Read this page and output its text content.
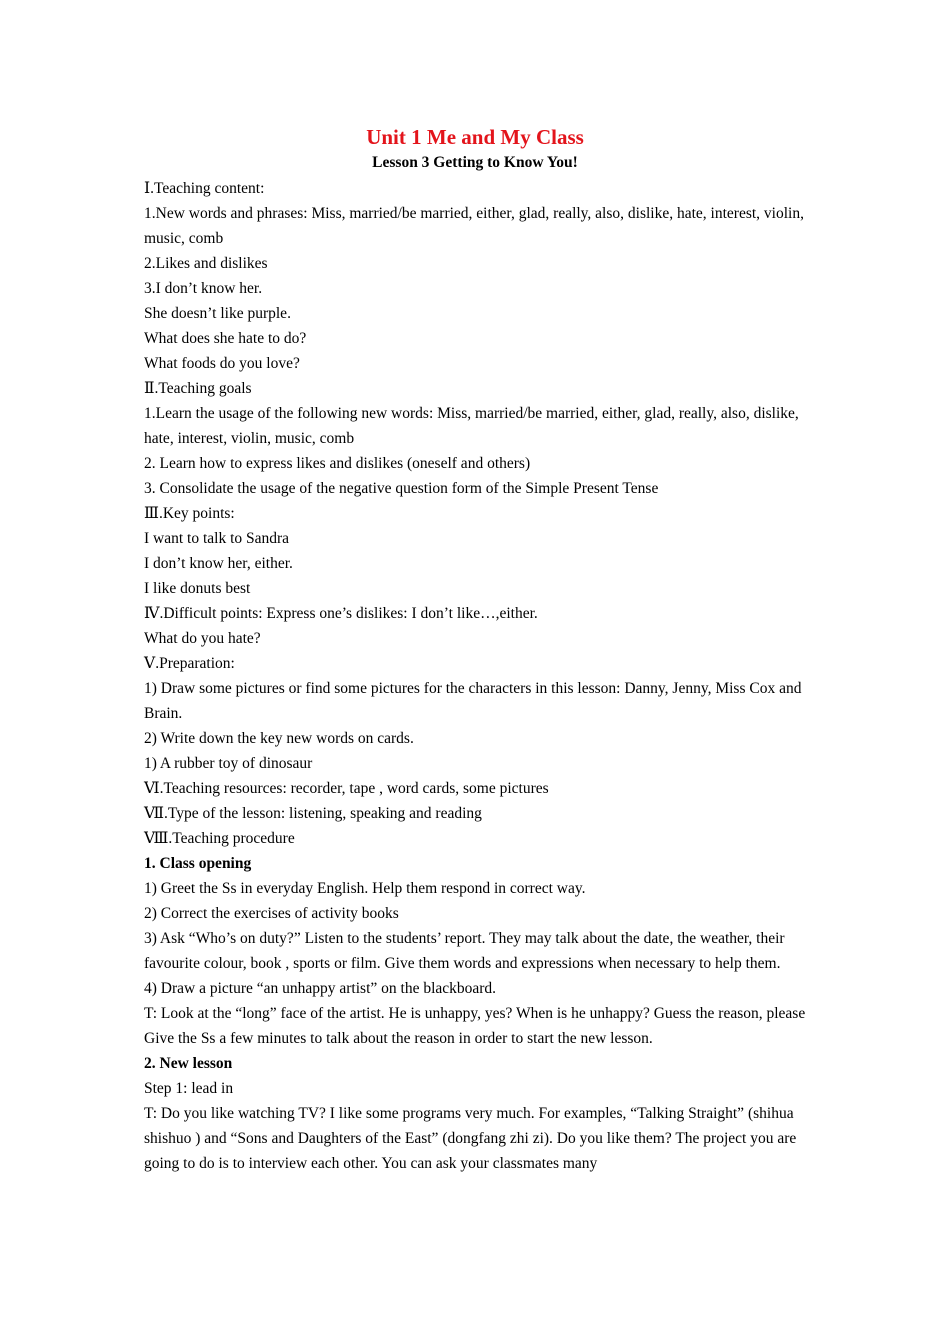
Unit 1 Me and My Class
Lesson 3 Getting to Know You!

Ⅰ.Teaching content:

1.New words and phrases: Miss, married/be married, either, glad, really, also, dislike, hate, interest, violin, music, comb

2.Likes and dislikes

3.I don’t know her.

She doesn’t like purple.

What does she hate to do?

What foods do you love?

Ⅱ.Teaching goals

1.Learn the usage of the following new words: Miss, married/be married, either, glad, really, also, dislike, hate, interest, violin, music, comb

2. Learn how to express likes and dislikes (oneself and others)

3. Consolidate the usage of the negative question form of the Simple Present Tense

Ⅲ.Key points:

I want to talk to Sandra

I don’t know her, either.

I like donuts best

Ⅳ.Difficult points: Express one’s dislikes: I don’t like…,either.

What do you hate?

Ⅴ.Preparation:

1) Draw some pictures or find some pictures for the characters in this lesson: Danny, Jenny, Miss Cox and Brain.

2) Write down the key new words on cards.

1) A rubber toy of dinosaur

Ⅵ.Teaching resources: recorder, tape , word cards, some pictures

Ⅶ.Type of the lesson: listening, speaking and reading

Ⅷ.Teaching procedure

1. Class opening

1) Greet the Ss in everyday English. Help them respond in correct way.

2) Correct the exercises of activity books

3) Ask “Who’s on duty?” Listen to the students’ report. They may talk about the date, the weather, their favourite colour, book , sports or film. Give them words and expressions when necessary to help them.

4) Draw a picture “an unhappy artist” on the blackboard.

T: Look at the “long” face of the artist. He is unhappy, yes? When is he unhappy? Guess the reason, please

Give the Ss a few minutes to talk about the reason in order to start the new lesson.

2. New lesson

Step 1: lead in

T: Do you like watching TV? I like some programs very much. For examples, “Talking Straight” (shihua shishuo ) and “Sons and Daughters of the East” (dongfang zhi zi). Do you like them? The project you are going to do is to interview each other. You can ask your classmates many
